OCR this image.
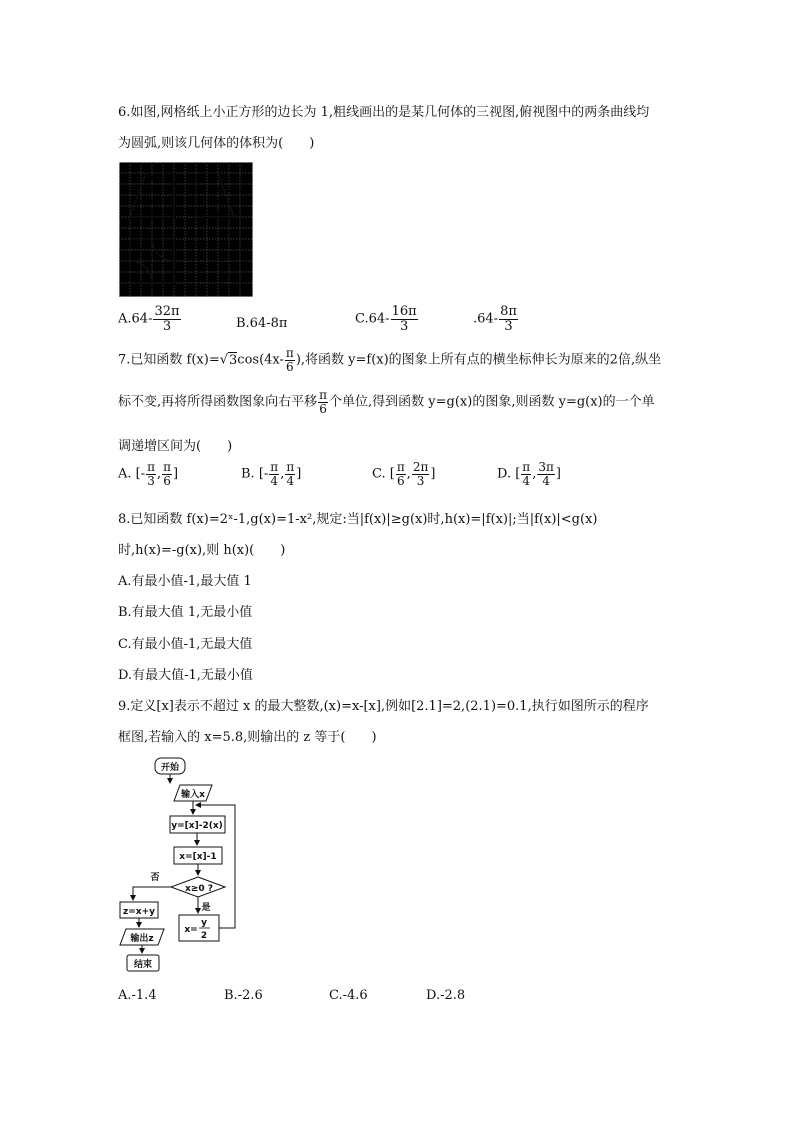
6.如图,网格纸上小正方形的边长为 1,粗线画出的是某几何体的三视图,俯视图中的两条曲线均
为圆弧,则该几何体的体积为(　　)
$A.64- \frac{32\pi}{3}$	B.64-8π	$C.64- \frac{16\pi}{3}$	$.64- \frac{8\pi}{3}$
7.已知函数 $f(x)=√3\cos(4x- \frac{\pi}{6}$ ),将函数 y=f(x)的图象上所有点的横坐标伸长为原来的2倍,纵坐
标不变,再将所得函数图象向右平移 $\frac{\pi}{6}$ 个单位,得到函数 y=g(x)的图象,则函数 y=g(x)的一个单
调递增区间为(　　)
A. [- $\frac{\pi}{3}$ , $\frac{\pi}{6}$ ]	B. [- $\frac{\pi}{4}$ , $\frac{\pi}{4}$ ]	C. [ $\frac{\pi}{6}$ , $\frac{2\pi}{3}$ ]	D. [ $\frac{\pi}{4}$ , $\frac{3\pi}{4}$ ]
8.已知函数 f(x)=2ˣ-1,g(x)=1-x²,规定:当|f(x)|≥g(x)时,h(x)=|f(x)|;当|f(x)|<g(x)
时,h(x)=-g(x),则 h(x)(　　)
A.有最小值-1,最大值 1
B.有最大值 1,无最小值
C.有最小值-1,无最大值
D.有最大值-1,无最小值
9.定义[x]表示不超过 x 的最大整数,(x)=x-[x],例如[2.1]=2,(2.1)=0.1,执行如图所示的程序
框图,若输入的 x=5.8,则输出的 z 等于(　　)
开始
输入x
y=[x]-2(x)
x=[x]-1
x≥0 ?
否
是
x=
y
2
z=x+y
输出z
结束
A.-1.4	B.-2.6	C.-4.6	D.-2.8
